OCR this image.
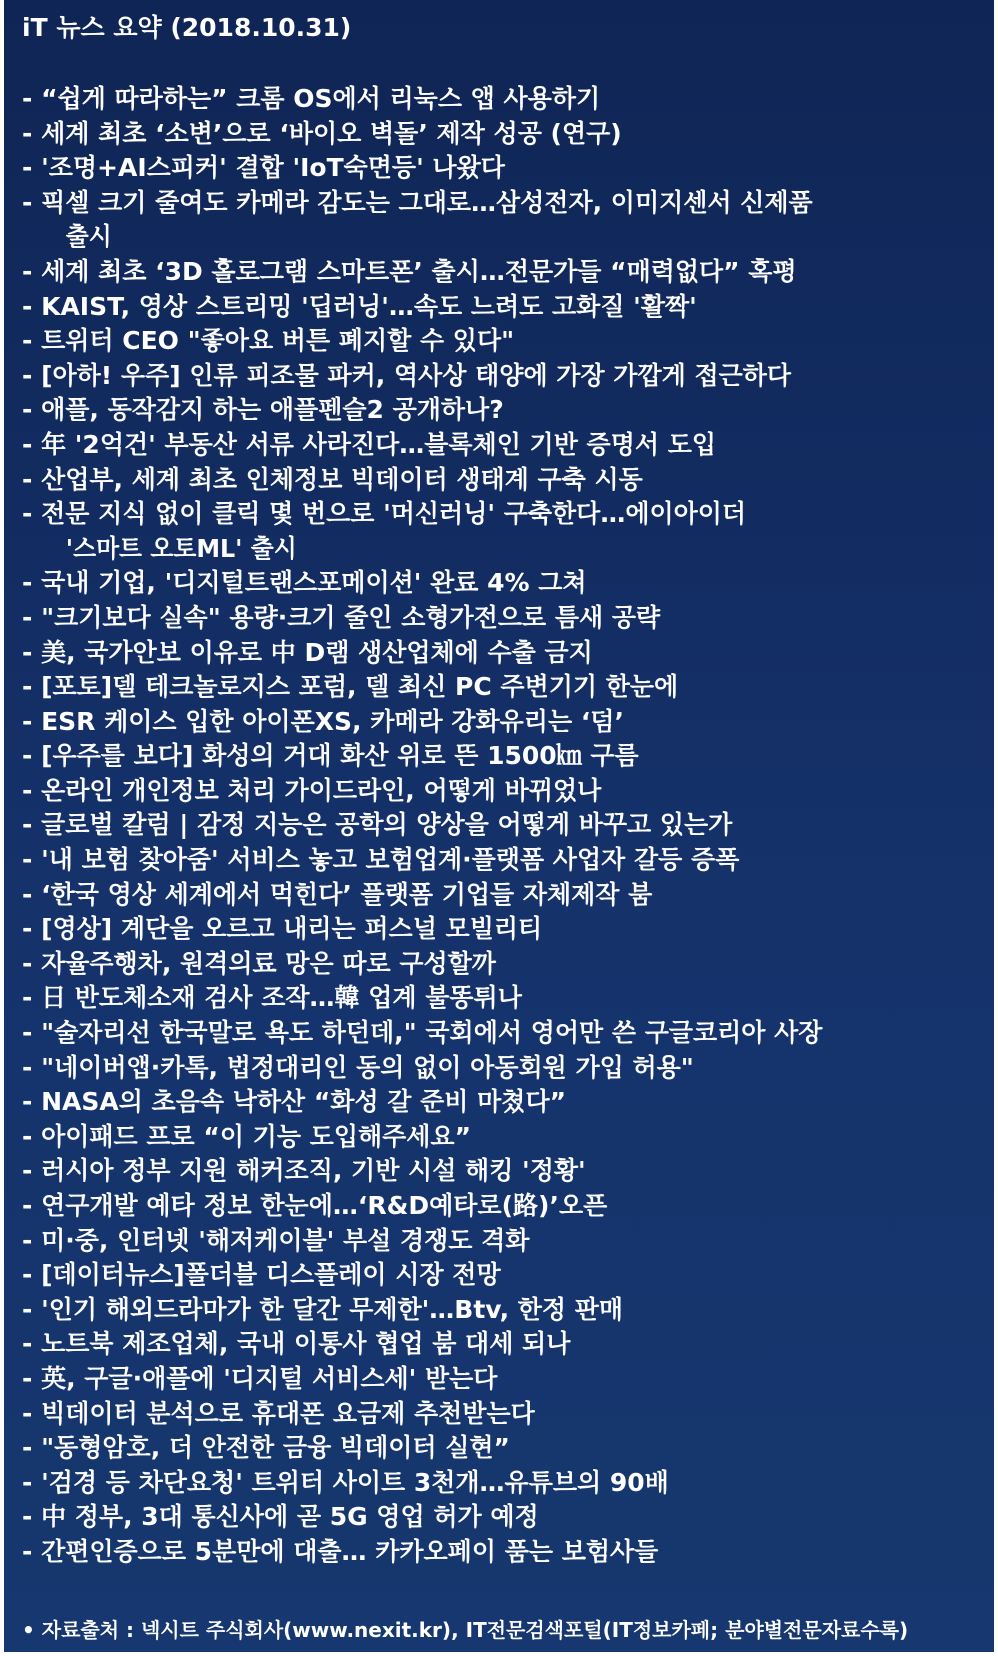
iT 뉴스 요약 (2018.10.31)
- “쉽게 따라하는” 크롬 OS에서 리눅스 앱 사용하기
- 세계 최초 ‘소변’으로 ‘바이오 벽돌’ 제작 성공 (연구)
- '조명+AI스피커' 결합 'IoT숙면등' 나왔다
- 픽셀 크기 줄여도 카메라 감도는 그대로…삼성전자, 이미지센서 신제품
출시
- 세계 최초 ‘3D 홀로그램 스마트폰’ 출시…전문가들 “매력없다” 혹평
- KAIST, 영상 스트리밍 '딥러닝'…속도 느려도 고화질 '활짝'
- 트위터 CEO "좋아요 버튼 폐지할 수 있다"
- [아하! 우주] 인류 피조물 파커, 역사상 태양에 가장 가깝게 접근하다
- 애플, 동작감지 하는 애플펜슬2 공개하나?
- 年 '2억건' 부동산 서류 사라진다…블록체인 기반 증명서 도입
- 산업부, 세계 최초 인체정보 빅데이터 생태계 구축 시동
- 전문 지식 없이 클릭 몇 번으로 '머신러닝' 구축한다…에이아이더
'스마트 오토ML' 출시
- 국내 기업, '디지털트랜스포메이션' 완료 4% 그쳐
- "크기보다 실속" 용량·크기 줄인 소형가전으로 틈새 공략
- 美, 국가안보 이유로 中 D램 생산업체에 수출 금지
- [포토]델 테크놀로지스 포럼, 델 최신 PC 주변기기 한눈에
- ESR 케이스 입한 아이폰XS, 카메라 강화유리는 ‘덤’
- [우주를 보다] 화성의 거대 화산 위로 뜬 1500㎞ 구름
- 온라인 개인정보 처리 가이드라인, 어떻게 바뀌었나
- 글로벌 칼럼 | 감정 지능은 공학의 양상을 어떻게 바꾸고 있는가
- '내 보험 찾아줌' 서비스 놓고 보험업계·플랫폼 사업자 갈등 증폭
- ‘한국 영상 세계에서 먹힌다’ 플랫폼 기업들 자체제작 붐
- [영상] 계단을 오르고 내리는 퍼스널 모빌리티
- 자율주행차, 원격의료 망은 따로 구성할까
- 日 반도체소재 검사 조작…韓 업계 불똥튀나
- "술자리선 한국말로 욕도 하던데," 국회에서 영어만 쓴 구글코리아 사장
- "네이버앱·카톡, 법정대리인 동의 없이 아동회원 가입 허용"
- NASA의 초음속 낙하산 “화성 갈 준비 마쳤다”
- 아이패드 프로 “이 기능 도입해주세요”
- 러시아 정부 지원 해커조직, 기반 시설 해킹 '정황'
- 연구개발 예타 정보 한눈에…‘R&D예타로(路)’오픈
- 미·중, 인터넷 '해저케이블' 부설 경쟁도 격화
- [데이터뉴스]폴더블 디스플레이 시장 전망
- '인기 해외드라마가 한 달간 무제한'…Btv, 한정 판매
- 노트북 제조업체, 국내 이통사 협업 붐 대세 되나
- 英, 구글·애플에 '디지털 서비스세' 받는다
- 빅데이터 분석으로 휴대폰 요금제 추천받는다
- "동형암호, 더 안전한 금융 빅데이터 실현”
- '검경 등 차단요청' 트위터 사이트 3천개…유튜브의 90배
- 中 정부, 3대 통신사에 곧 5G 영업 허가 예정
- 간편인증으로 5분만에 대출… 카카오페이 품는 보험사들
• 자료출처 : 넥시트 주식회사(www.nexit.kr), IT전문검색포털(IT정보카페; 분야별전문자료수록)
